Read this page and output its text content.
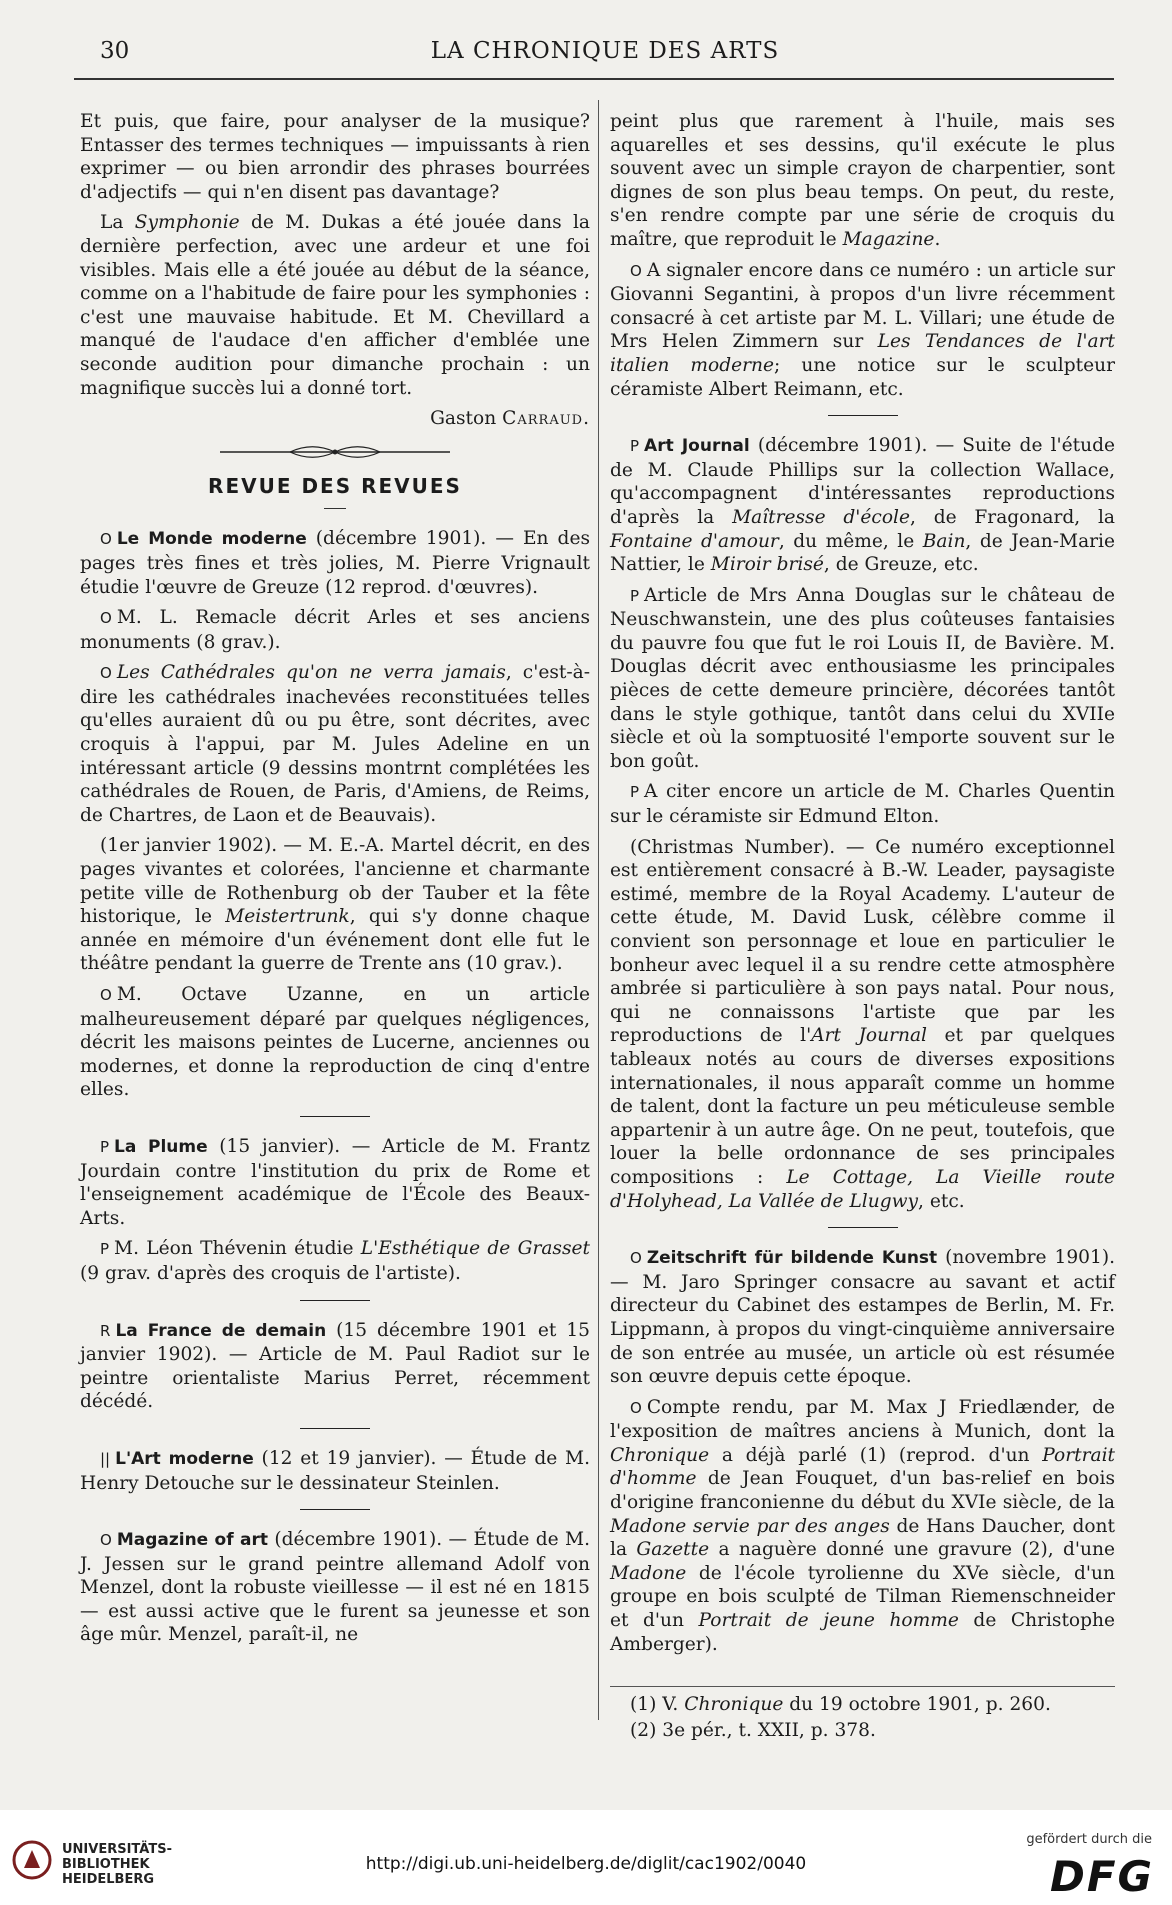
30	LA CHRONIQUE DES ARTS

Et puis, que faire, pour analyser de la musique? Entasser des termes techniques — impuissants à rien exprimer — ou bien arrondir des phrases bourrées d'adjectifs — qui n'en disent pas davantage?

La Symphonie de M. Dukas a été jouée dans la dernière perfection, avec une ardeur et une foi visibles. Mais elle a été jouée au début de la séance, comme on a l'habitude de faire pour les symphonies : c'est une mauvaise habitude. Et M. Chevillard a manqué de l'audace d'en afficher d'emblée une seconde audition pour dimanche prochain : un magnifique succès lui a donné tort.

Gaston Carraud.

REVUE DES REVUES

O Le Monde moderne (décembre 1901). — En des pages très fines et très jolies, M. Pierre Vrignault étudie l'œuvre de Greuze (12 reprod. d'œuvres).

O M. L. Remacle décrit Arles et ses anciens monuments (8 grav.).

O Les Cathédrales qu'on ne verra jamais, c'est-à-dire les cathédrales inachevées reconstituées telles qu'elles auraient dû ou pu être, sont décrites, avec croquis à l'appui, par M. Jules Adeline en un intéressant article (9 dessins montrnt complétées les cathédrales de Rouen, de Paris, d'Amiens, de Reims, de Chartres, de Laon et de Beauvais).

(1er janvier 1902). — M. E.-A. Martel décrit, en des pages vivantes et colorées, l'ancienne et charmante petite ville de Rothenburg ob der Tauber et la fête historique, le Meistertrunk, qui s'y donne chaque année en mémoire d'un événement dont elle fut le théâtre pendant la guerre de Trente ans (10 grav.).

O M. Octave Uzanne, en un article malheureusement déparé par quelques négligences, décrit les maisons peintes de Lucerne, anciennes ou modernes, et donne la reproduction de cinq d'entre elles.

P La Plume (15 janvier). — Article de M. Frantz Jourdain contre l'institution du prix de Rome et l'enseignement académique de l'École des Beaux-Arts.

P M. Léon Thévenin étudie L'Esthétique de Grasset (9 grav. d'après des croquis de l'artiste).

R La France de demain (15 décembre 1901 et 15 janvier 1902). — Article de M. Paul Radiot sur le peintre orientaliste Marius Perret, récemment décédé.

|| L'Art moderne (12 et 19 janvier). — Étude de M. Henry Detouche sur le dessinateur Steinlen.

O Magazine of art (décembre 1901). — Étude de M. J. Jessen sur le grand peintre allemand Adolf von Menzel, dont la robuste vieillesse — il est né en 1815 — est aussi active que le furent sa jeunesse et son âge mûr. Menzel, paraît-il, ne

peint plus que rarement à l'huile, mais ses aquarelles et ses dessins, qu'il exécute le plus souvent avec un simple crayon de charpentier, sont dignes de son plus beau temps. On peut, du reste, s'en rendre compte par une série de croquis du maître, que reproduit le Magazine.

O A signaler encore dans ce numéro : un article sur Giovanni Segantini, à propos d'un livre récemment consacré à cet artiste par M. L. Villari; une étude de Mrs Helen Zimmern sur Les Tendances de l'art italien moderne; une notice sur le sculpteur céramiste Albert Reimann, etc.

P Art Journal (décembre 1901). — Suite de l'étude de M. Claude Phillips sur la collection Wallace, qu'accompagnent d'intéressantes reproductions d'après la Maîtresse d'école, de Fragonard, la Fontaine d'amour, du même, le Bain, de Jean-Marie Nattier, le Miroir brisé, de Greuze, etc.

P Article de Mrs Anna Douglas sur le château de Neuschwanstein, une des plus coûteuses fantaisies du pauvre fou que fut le roi Louis II, de Bavière. M. Douglas décrit avec enthousiasme les principales pièces de cette demeure princière, décorées tantôt dans le style gothique, tantôt dans celui du XVIIe siècle et où la somptuosité l'emporte souvent sur le bon goût.

P A citer encore un article de M. Charles Quentin sur le céramiste sir Edmund Elton.

(Christmas Number). — Ce numéro exceptionnel est entièrement consacré à B.-W. Leader, paysagiste estimé, membre de la Royal Academy. L'auteur de cette étude, M. David Lusk, célèbre comme il convient son personnage et loue en particulier le bonheur avec lequel il a su rendre cette atmosphère ambrée si particulière à son pays natal. Pour nous, qui ne connaissons l'artiste que par les reproductions de l'Art Journal et par quelques tableaux notés au cours de diverses expositions internationales, il nous apparaît comme un homme de talent, dont la facture un peu méticuleuse semble appartenir à un autre âge. On ne peut, toutefois, que louer la belle ordonnance de ses principales compositions : Le Cottage, La Vieille route d'Holyhead, La Vallée de Llugwy, etc.

O Zeitschrift für bildende Kunst (novembre 1901). — M. Jaro Springer consacre au savant et actif directeur du Cabinet des estampes de Berlin, M. Fr. Lippmann, à propos du vingt-cinquième anniversaire de son entrée au musée, un article où est résumée son œuvre depuis cette époque.

O Compte rendu, par M. Max J Friedlænder, de l'exposition de maîtres anciens à Munich, dont la Chronique a déjà parlé (1) (reprod. d'un Portrait d'homme de Jean Fouquet, d'un bas-relief en bois d'origine franconienne du début du XVIe siècle, de la Madone servie par des anges de Hans Daucher, dont la Gazette a naguère donné une gravure (2), d'une Madone de l'école tyrolienne du XVe siècle, d'un groupe en bois sculpté de Tilman Riemenschneider et d'un Portrait de jeune homme de Christophe Amberger).

(1) V. Chronique du 19 octobre 1901, p. 260.

(2) 3e pér., t. XXII, p. 378.

UNIVERSITÄTS-
BIBLIOTHEK
HEIDELBERG
http://digi.ub.uni-heidelberg.de/diglit/cac1902/0040
gefördert durch die
DFG
